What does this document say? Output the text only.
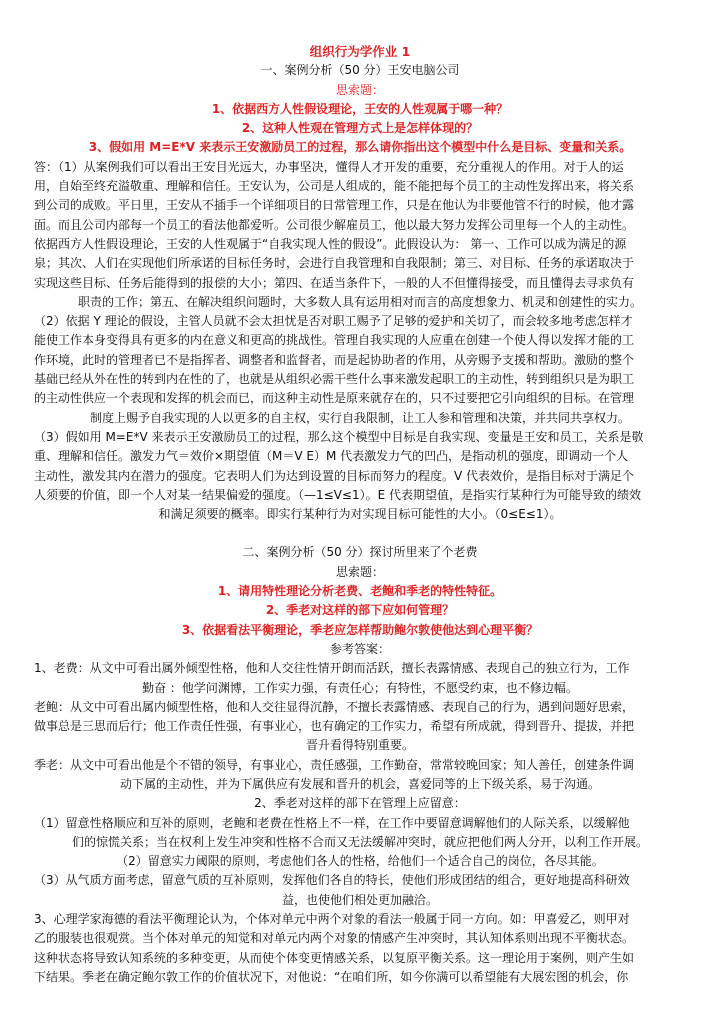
组织行为学作业 1
一、案例分析（50 分）王安电脑公司
思索题：
1、依据西方人性假设理论，王安的人性观属于哪一种？
2、这种人性观在管理方式上是怎样体现的？
3、假如用 M=E*V 来表示王安激励员工的过程，那么请你指出这个模型中什么是目标、变量和关系。
答：（1）从案例我们可以看出王安目光远大，办事坚决，懂得人才开发的重要，充分重视人的作用。对于人的运
用，自始至终充溢敬重、理解和信任。王安认为，公司是人组成的，能不能把每个员工的主动性发挥出来，将关系
到公司的成败。平日里，王安从不插手一个详细项目的日常管理工作，只是在他认为非要他管不行的时候，他才露
面。而且公司内部每一个员工的看法他都爱听。公司很少解雇员工，他以最大努力发挥公司里每一个人的主动性。
依据西方人性假设理论，王安的人性观属于“自我实现人性的假设”。此假设认为： 第一、工作可以成为满足的源
泉；其次、人们在实现他们所承诺的目标任务时，会进行自我管理和自我限制；第三、对目标、任务的承诺取决于
实现这些目标、任务后能得到的报偿的大小；第四、在适当条件下，一般的人不但懂得接受，而且懂得去寻求负有
职责的工作；第五、在解决组织问题时，大多数人具有运用相对而言的高度想象力、机灵和创建性的实力。
（2）依据 Y 理论的假设，主管人员就不会太担忧是否对职工赐予了足够的爱护和关切了，而会较多地考虑怎样才
能使工作本身变得具有更多的内在意义和更高的挑战性。管理自我实现的人应重在创建一个使人得以发挥才能的工
作环境，此时的管理者已不是指挥者、调整者和监督者，而是起协助者的作用，从旁赐予支援和帮助。激励的整个
基础已经从外在性的转到内在性的了，也就是从组织必需干些什么事来激发起职工的主动性，转到组织只是为职工
的主动性供应一个表现和发挥的机会而已，而这种主动性是原来就存在的，只不过要把它引向组织的目标。在管理
制度上赐予自我实现的人以更多的自主权，实行自我限制，让工人参和管理和决策，并共同共享权力。
（3）假如用 M=E*V 来表示王安激励员工的过程，那么这个模型中目标是自我实现、变量是王安和员工，关系是敬
重、理解和信任。激发力气＝效价×期望值（M＝V E）M 代表激发力气的凹凸，是指动机的强度，即调动一个人
主动性，激发其内在潜力的强度。它表明人们为达到设置的目标而努力的程度。V 代表效价，是指目标对于满足个
人须要的价值，即一个人对某一结果偏爱的强度。（—1≤V≤1）。E 代表期望值，是指实行某种行为可能导致的绩效
和满足须要的概率。即实行某种行为对实现目标可能性的大小。（0≤E≤1）。
二、案例分析（50 分）探讨所里来了个老费
思索题：
1、请用特性理论分析老费、老鲍和季老的特性特征。
2、季老对这样的部下应如何管理？
3、依据看法平衡理论，季老应怎样帮助鲍尔敦使他达到心理平衡？
参考答案：
1、老费：从文中可看出属外倾型性格，他和人交往性情开朗而活跃，擅长表露情感、表现自己的独立行为，工作
勤奋 ：他学问渊博，工作实力强，有责任心；有特性，不愿受约束，也不修边幅。
老鲍：从文中可看出属内倾型性格，他和人交往显得沉静，不擅长表露情感、表现自己的行为，遇到问题好思索，
做事总是三思而后行；他工作责任性强，有事业心，也有确定的工作实力，希望有所成就，得到晋升、提拔，并把
晋升看得特别重要。
季老：从文中可看出他是个不错的领导，有事业心，责任感强，工作勤奋，常常较晚回家；知人善任，创建条件调
动下属的主动性，并为下属供应有发展和晋升的机会，喜爱同等的上下级关系，易于沟通。
2、季老对这样的部下在管理上应留意：
（1）留意性格顺应和互补的原则，老鲍和老费在性格上不一样，在工作中要留意调解他们的人际关系，以缓解他
们的惊慌关系；当在权利上发生冲突和性格不合而又无法缓解冲突时，就应把他们两人分开，以利工作开展。
（2）留意实力阈限的原则，考虑他们各人的性格，给他们一个适合自己的岗位，各尽其能。
（3）从气质方面考虑，留意气质的互补原则，发挥他们各自的特长，使他们形成团结的组合，更好地提高科研效
益，也使他们相处更加融洽。
3、心理学家海德的看法平衡理论认为，个体对单元中两个对象的看法一般属于同一方向。如：甲喜爱乙，则甲对
乙的服装也很观赏。当个体对单元的知觉和对单元内两个对象的情感产生冲突时，其认知体系则出现不平衡状态。
这种状态将导致认知系统的多种变更，从而使个体变更情感关系，以复原平衡关系。这一理论用于案例，则产生如
下结果。季老在确定鲍尔敦工作的价值状况下，对他说：“在咱们所，如今你满可以希望能有大展宏图的机会，你
